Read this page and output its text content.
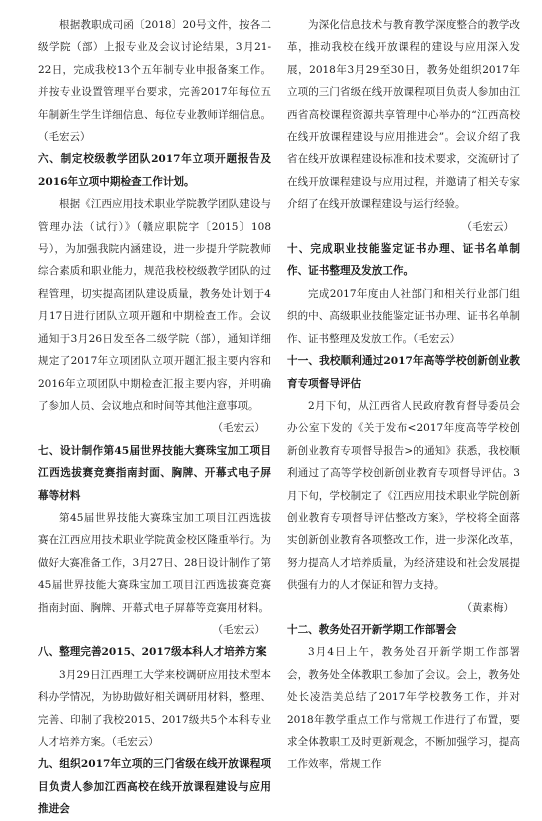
根据教职成司函〔2018〕20号文件，按各二级学院（部）上报专业及会议讨论结果，3月21-22日，完成我校13个五年制专业申报备案工作。并按专业设置管理平台要求，完善2017年每位五年制新生学生详细信息、每位专业教师详细信息。（毛宏云）

六、制定校级教学团队2017年立项开题报告及2016年立项中期检查工作计划。

根据《江西应用技术职业学院教学团队建设与管理办法（试行）》（赣应职院字〔2015〕108号），为加强我院内涵建设，进一步提升学院教师综合素质和职业能力，规范我校校级教学团队的过程管理，切实提高团队建设质量，教务处计划于4月17日进行团队立项开题和中期检查工作。会议通知于3月26日发至各二级学院（部），通知详细规定了2017年立项团队立项开题汇报主要内容和2016年立项团队中期检查汇报主要内容，并明确了参加人员、会议地点和时间等其他注意事项。

（毛宏云）

七、设计制作第45届世界技能大赛珠宝加工项目江西选拔赛竞赛指南封面、胸牌、开幕式电子屏幕等材料

第45届世界技能大赛珠宝加工项目江西选拔赛在江西应用技术职业学院黄金校区隆重举行。为做好大赛准备工作，3月27日、28日设计制作了第45届世界技能大赛珠宝加工项目江西选拔赛竞赛指南封面、胸牌、开幕式电子屏幕等竞赛用材料。

（毛宏云）

八、整理完善2015、2017级本科人才培养方案

3月29日江西理工大学来校调研应用技术型本科办学情况，为协助做好相关调研用材料，整理、完善、印制了我校2015、2017级共5个本科专业人才培养方案。（毛宏云）

九、组织2017年立项的三门省级在线开放课程项目负责人参加江西高校在线开放课程建设与应用推进会

为深化信息技术与教育教学深度整合的教学改革，推动我校在线开放课程的建设与应用深入发展，2018年3月29至30日，教务处组织2017年立项的三门省级在线开放课程项目负责人参加由江西省高校课程资源共享管理中心举办的“江西高校在线开放课程建设与应用推进会”。会议介绍了我省在线开放课程建设标准和技术要求，交流研讨了在线开放课程建设与应用过程，并邀请了相关专家介绍了在线开放课程建设与运行经验。

（毛宏云）

十、完成职业技能鉴定证书办理、证书名单制作、证书整理及发放工作。

完成2017年度由人社部门和相关行业部门组织的中、高级职业技能鉴定证书办理、证书名单制作、证书整理及发放工作。（毛宏云）

十一、我校顺利通过2017年高等学校创新创业教育专项督导评估

2月下旬，从江西省人民政府教育督导委员会办公室下发的《关于发布<2017年度高等学校创新创业教育专项督导报告>的通知》获悉，我校顺利通过了高等学校创新创业教育专项督导评估。3月下旬，学校制定了《江西应用技术职业学院创新创业教育专项督导评估整改方案》，学校将全面落实创新创业教育各项整改工作，进一步深化改革，努力提高人才培养质量，为经济建设和社会发展提供强有力的人才保证和智力支持。

（黄素梅）

十二、教务处召开新学期工作部署会

3月4日上午，教务处召开新学期工作部署会，教务处全体教职工参加了会议。会上，教务处处长凌浩美总结了2017年学校教务工作，并对2018年教学重点工作与常规工作进行了布置，要求全体教职工及时更新观念，不断加强学习，提高工作效率，常规工作
